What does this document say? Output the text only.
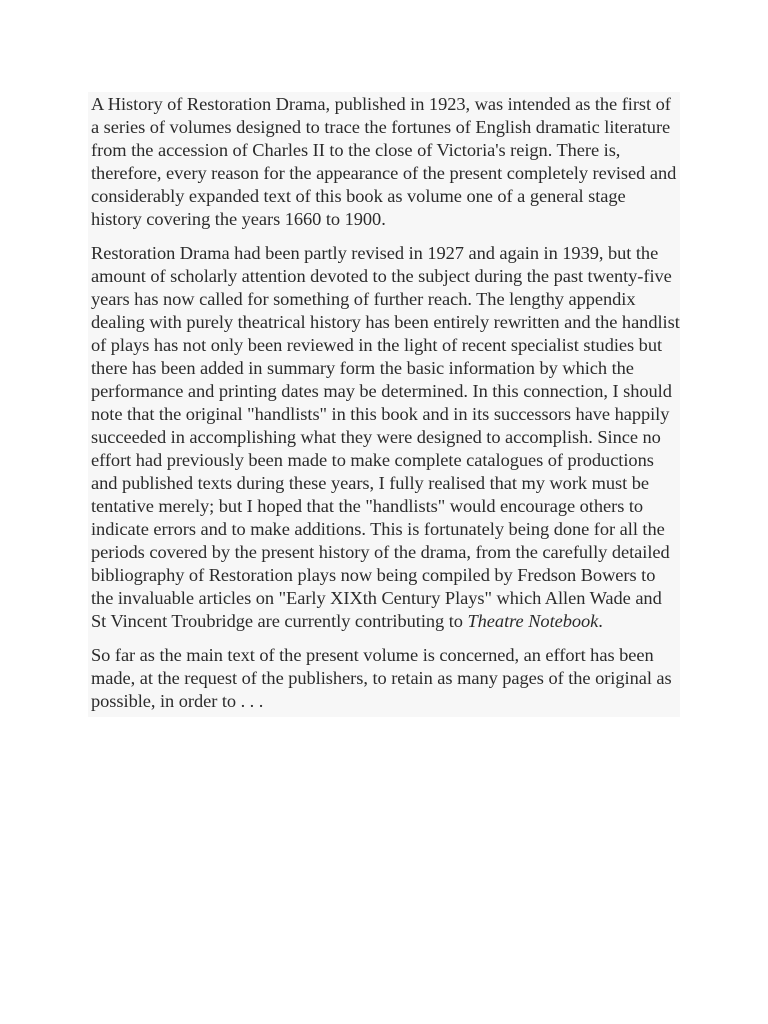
A History of Restoration Drama, published in 1923, was intended as the first of a series of volumes designed to trace the fortunes of English dramatic literature from the accession of Charles II to the close of Victoria's reign. There is, therefore, every reason for the appearance of the present completely revised and considerably expanded text of this book as volume one of a general stage history covering the years 1660 to 1900.

Restoration Drama had been partly revised in 1927 and again in 1939, but the amount of scholarly attention devoted to the subject during the past twenty-five years has now called for something of further reach. The lengthy appendix dealing with purely theatrical history has been entirely rewritten and the handlist of plays has not only been reviewed in the light of recent specialist studies but there has been added in summary form the basic information by which the performance and printing dates may be determined. In this connection, I should note that the original "handlists" in this book and in its successors have happily succeeded in accomplishing what they were designed to accomplish. Since no effort had previously been made to make complete catalogues of productions and published texts during these years, I fully realised that my work must be tentative merely; but I hoped that the "handlists" would encourage others to indicate errors and to make additions. This is fortunately being done for all the periods covered by the present history of the drama, from the carefully detailed bibliography of Restoration plays now being compiled by Fredson Bowers to the invaluable articles on "Early XIXth Century Plays" which Allen Wade and St Vincent Troubridge are currently contributing to Theatre Notebook.

So far as the main text of the present volume is concerned, an effort has been made, at the request of the publishers, to retain as many pages of the original as possible, in order to . . .
